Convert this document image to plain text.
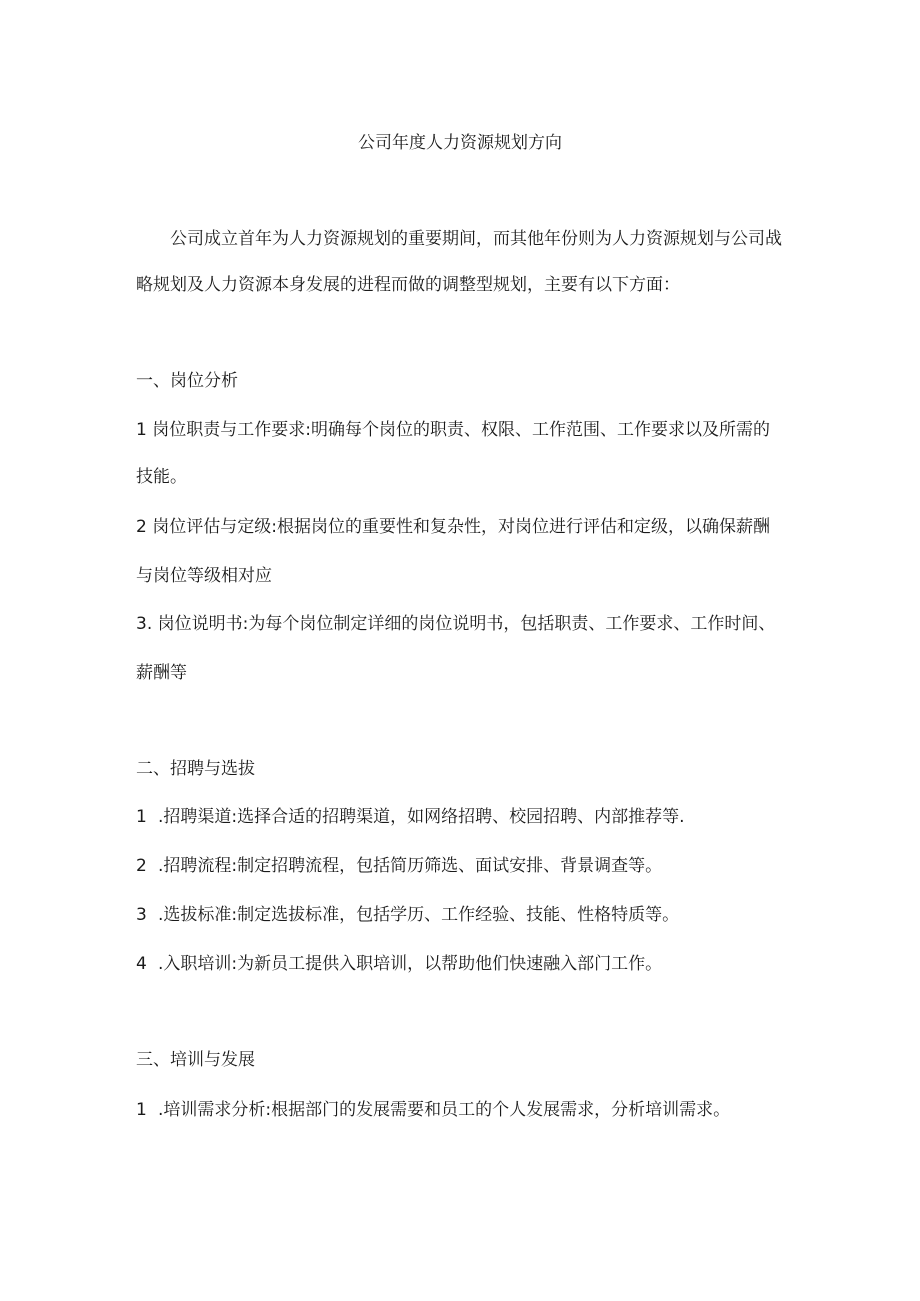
公司年度人力资源规划方向
公司成立首年为人力资源规划的重要期间，而其他年份则为人力资源规划与公司战
略规划及人力资源本身发展的进程而做的调整型规划，主要有以下方面：
一、岗位分析
1 岗位职责与工作要求:明确每个岗位的职责、权限、工作范围、工作要求以及所需的
技能。
2 岗位评估与定级:根据岗位的重要性和复杂性，对岗位进行评估和定级，以确保薪酬
与岗位等级相对应
3. 岗位说明书:为每个岗位制定详细的岗位说明书，包括职责、工作要求、工作时间、
薪酬等
二、招聘与选拔
1 .招聘渠道:选择合适的招聘渠道，如网络招聘、校园招聘、内部推荐等.
2 .招聘流程:制定招聘流程，包括简历筛选、面试安排、背景调查等。
3 .选拔标准:制定选拔标准，包括学历、工作经验、技能、性格特质等。
4 .入职培训:为新员工提供入职培训，以帮助他们快速融入部门工作。
三、培训与发展
1 .培训需求分析:根据部门的发展需要和员工的个人发展需求，分析培训需求。
